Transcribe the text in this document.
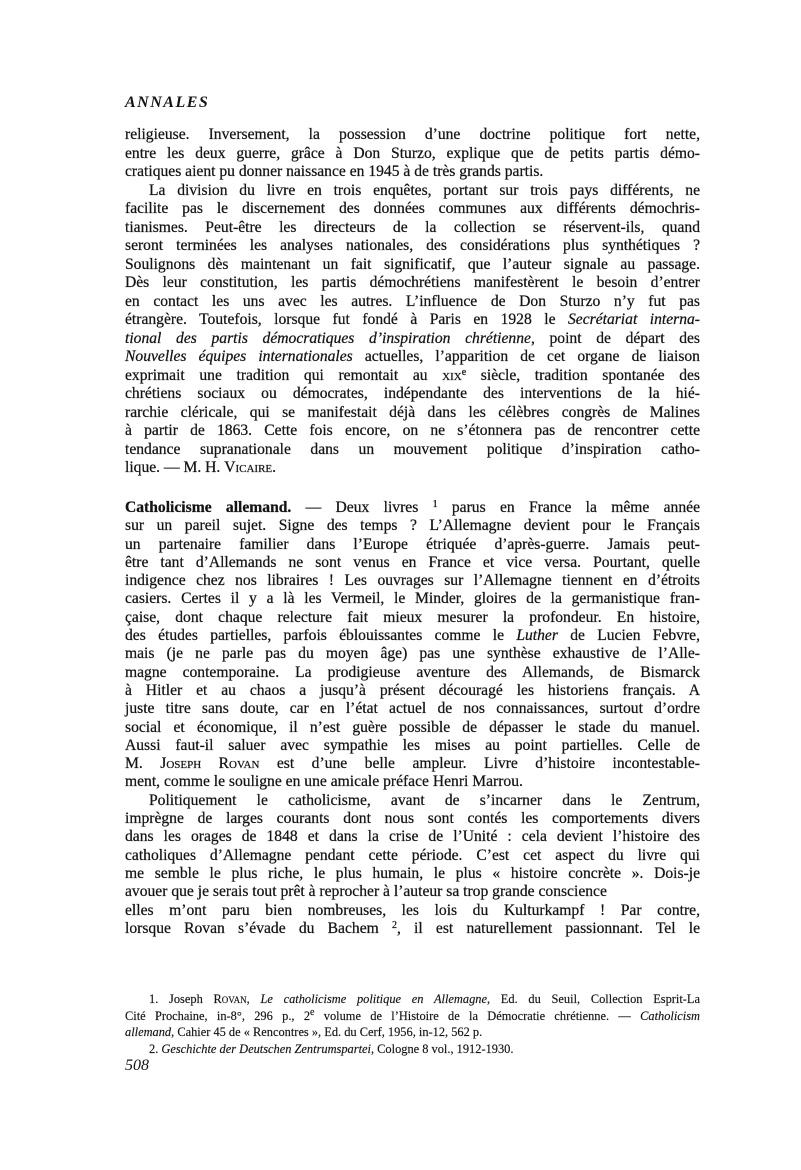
ANNALES
religieuse. Inversement, la possession d’une doctrine politique fort nette,
entre les deux guerre, grâce à Don Sturzo, explique que de petits partis démo-
cratiques aient pu donner naissance en 1945 à de très grands partis.
La division du livre en trois enquêtes, portant sur trois pays différents, ne
facilite pas le discernement des données communes aux différents démochris-
tianismes. Peut-être les directeurs de la collection se réservent-ils, quand
seront terminées les analyses nationales, des considérations plus synthétiques ?
Soulignons dès maintenant un fait significatif, que l’auteur signale au passage.
Dès leur constitution, les partis démochrétiens manifestèrent le besoin d’entrer
en contact les uns avec les autres. L’influence de Don Sturzo n’y fut pas
étrangère. Toutefois, lorsque fut fondé à Paris en 1928 le Secrétariat interna-
tional des partis démocratiques d’inspiration chrétienne, point de départ des
Nouvelles équipes internationales actuelles, l’apparition de cet organe de liaison
exprimait une tradition qui remontait au xix$^e$ siècle, tradition spontanée des
chrétiens sociaux ou démocrates, indépendante des interventions de la hié-
rarchie cléricale, qui se manifestait déjà dans les célèbres congrès de Malines
à partir de 1863. Cette fois encore, on ne s’étonnera pas de rencontrer cette
tendance supranationale dans un mouvement politique d’inspiration catho-
lique. — M. H. Vicaire.
Catholicisme allemand. — Deux livres $^1$ parus en France la même année
sur un pareil sujet. Signe des temps ? L’Allemagne devient pour le Français
un partenaire familier dans l’Europe étriquée d’après-guerre. Jamais peut-
être tant d’Allemands ne sont venus en France et vice versa. Pourtant, quelle
indigence chez nos libraires ! Les ouvrages sur l’Allemagne tiennent en d’étroits
casiers. Certes il y a là les Vermeil, le Minder, gloires de la germanistique fran-
çaise, dont chaque relecture fait mieux mesurer la profondeur. En histoire,
des études partielles, parfois éblouissantes comme le Luther de Lucien Febvre,
mais (je ne parle pas du moyen âge) pas une synthèse exhaustive de l’Alle-
magne contemporaine. La prodigieuse aventure des Allemands, de Bismarck
à Hitler et au chaos a jusqu’à présent découragé les historiens français. A
juste titre sans doute, car en l’état actuel de nos connaissances, surtout d’ordre
social et économique, il n’est guère possible de dépasser le stade du manuel.
Aussi faut-il saluer avec sympathie les mises au point partielles. Celle de
M. Joseph Rovan est d’une belle ampleur. Livre d’histoire incontestable-
ment, comme le souligne en une amicale préface Henri Marrou.
Politiquement le catholicisme, avant de s’incarner dans le Zentrum,
imprègne de larges courants dont nous sont contés les comportements divers
dans les orages de 1848 et dans la crise de l’Unité : cela devient l’histoire des
catholiques d’Allemagne pendant cette période. C’est cet aspect du livre qui
me semble le plus riche, le plus humain, le plus « histoire concrète ». Dois-je
avouer que je serais tout prêt à reprocher à l’auteur sa trop grande conscience
elles m’ont paru bien nombreuses, les lois du Kulturkampf ! Par contre,
lorsque Rovan s’évade du Bachem $^2$, il est naturellement passionnant. Tel le
1. Joseph Rovan, Le catholicisme politique en Allemagne, Ed. du Seuil, Collection Esprit-La
Cité Prochaine, in-8°, 296 p., 2e volume de l’Histoire de la Démocratie chrétienne. — Catholicism
allemand, Cahier 45 de « Rencontres », Ed. du Cerf, 1956, in-12, 562 p.
2. Geschichte der Deutschen Zentrumspartei, Cologne 8 vol., 1912-1930.
508
